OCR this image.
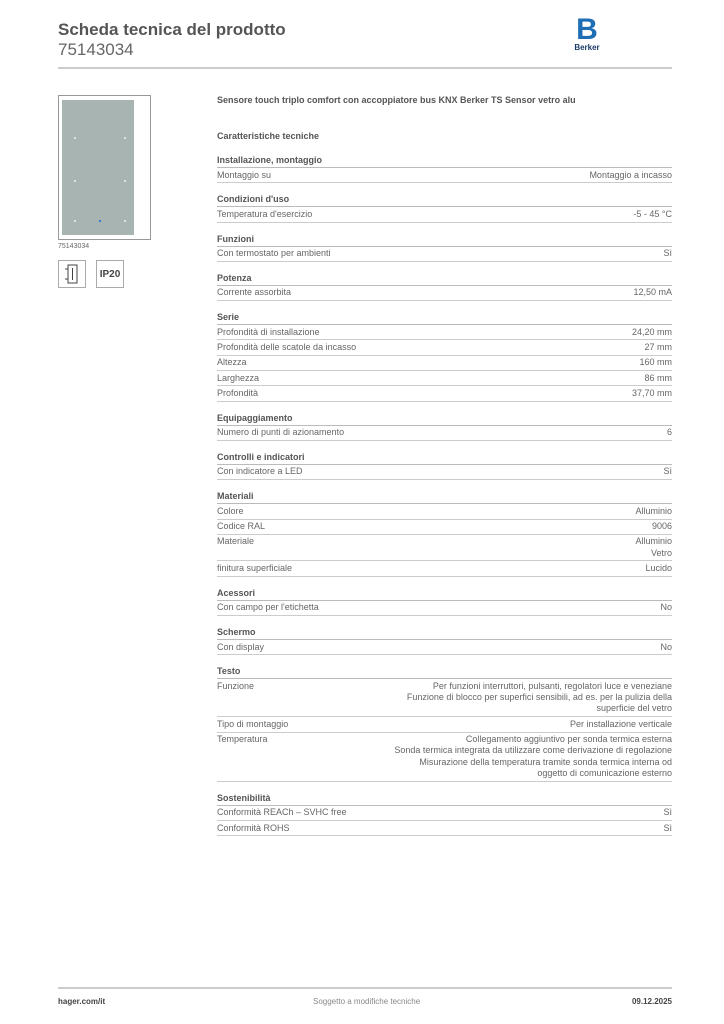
Scheda tecnica del prodotto
75143034
B
Berker
75143034
IP20
Sensore touch triplo comfort con accoppiatore bus KNX Berker TS Sensor vetro alu
Caratteristiche tecniche
Installazione, montaggio
Montaggio su	Montaggio a incasso
Condizioni d'uso
Temperatura d'esercizio	-5 - 45 °C
Funzioni
Con termostato per ambienti	Sì
Potenza
Corrente assorbita	12,50 mA
Serie
Profondità di installazione	24,20 mm
Profondità delle scatole da incasso	27 mm
Altezza	160 mm
Larghezza	86 mm
Profondità	37,70 mm
Equipaggiamento
Numero di punti di azionamento	6
Controlli e indicatori
Con indicatore a LED	Sì
Materiali
Colore	Alluminio
Codice RAL	9006
Materiale	Alluminio
Vetro
finitura superficiale	Lucido
Acessori
Con campo per l'etichetta	No
Schermo
Con display	No
Testo
Funzione	Per funzioni interruttori, pulsanti, regolatori luce e veneziane
Funzione di blocco per superfici sensibili, ad es. per la pulizia della
superficie del vetro
Tipo di montaggio	Per installazione verticale
Temperatura	Collegamento aggiuntivo per sonda termica esterna
Sonda termica integrata da utilizzare come derivazione di regolazione
Misurazione della temperatura tramite sonda termica interna od
oggetto di comunicazione esterno
Sostenibilità
Conformità REACh – SVHC free	Sì
Conformità ROHS	Sì
hager.com/it	Soggetto a modifiche tecniche	09.12.2025
